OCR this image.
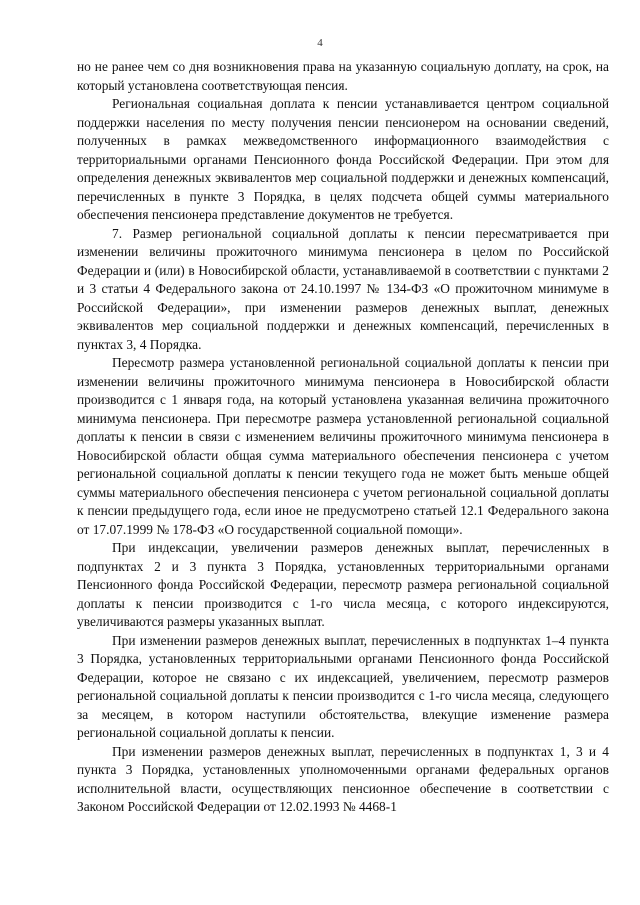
4

но не ранее чем со дня возникновения права на указанную социальную доплату, на срок, на который установлена соответствующая пенсия.

Региональная социальная доплата к пенсии устанавливается центром социальной поддержки населения по месту получения пенсии пенсионером на основании сведений, полученных в рамках межведомственного информационного взаимодействия с территориальными органами Пенсионного фонда Российской Федерации. При этом для определения денежных эквивалентов мер социальной поддержки и денежных компенсаций, перечисленных в пункте 3 Порядка, в целях подсчета общей суммы материального обеспечения пенсионера представление документов не требуется.

7. Размер региональной социальной доплаты к пенсии пересматривается при изменении величины прожиточного минимума пенсионера в целом по Российской Федерации и (или) в Новосибирской области, устанавливаемой в соответствии с пунктами 2 и 3 статьи 4 Федерального закона от 24.10.1997 № 134-ФЗ «О прожиточном минимуме в Российской Федерации», при изменении размеров денежных выплат, денежных эквивалентов мер социальной поддержки и денежных компенсаций, перечисленных в пунктах 3, 4 Порядка.

Пересмотр размера установленной региональной социальной доплаты к пенсии при изменении величины прожиточного минимума пенсионера в Новосибирской области производится с 1 января года, на который установлена указанная величина прожиточного минимума пенсионера. При пересмотре размера установленной региональной социальной доплаты к пенсии в связи с изменением величины прожиточного минимума пенсионера в Новосибирской области общая сумма материального обеспечения пенсионера с учетом региональной социальной доплаты к пенсии текущего года не может быть меньше общей суммы материального обеспечения пенсионера с учетом региональной социальной доплаты к пенсии предыдущего года, если иное не предусмотрено статьей 12.1 Федерального закона от 17.07.1999 № 178-ФЗ «О государственной социальной помощи».

При индексации, увеличении размеров денежных выплат, перечисленных в подпунктах 2 и 3 пункта 3 Порядка, установленных территориальными органами Пенсионного фонда Российской Федерации, пересмотр размера региональной социальной доплаты к пенсии производится с 1-го числа месяца, с которого индексируются, увеличиваются размеры указанных выплат.

При изменении размеров денежных выплат, перечисленных в подпунктах 1–4 пункта 3 Порядка, установленных территориальными органами Пенсионного фонда Российской Федерации, которое не связано с их индексацией, увеличением, пересмотр размеров региональной социальной доплаты к пенсии производится с 1-го числа месяца, следующего за месяцем, в котором наступили обстоятельства, влекущие изменение размера региональной социальной доплаты к пенсии.

При изменении размеров денежных выплат, перечисленных в подпунктах 1, 3 и 4 пункта 3 Порядка, установленных уполномоченными органами федеральных органов исполнительной власти, осуществляющих пенсионное обеспечение в соответствии с Законом Российской Федерации от 12.02.1993 № 4468-1
